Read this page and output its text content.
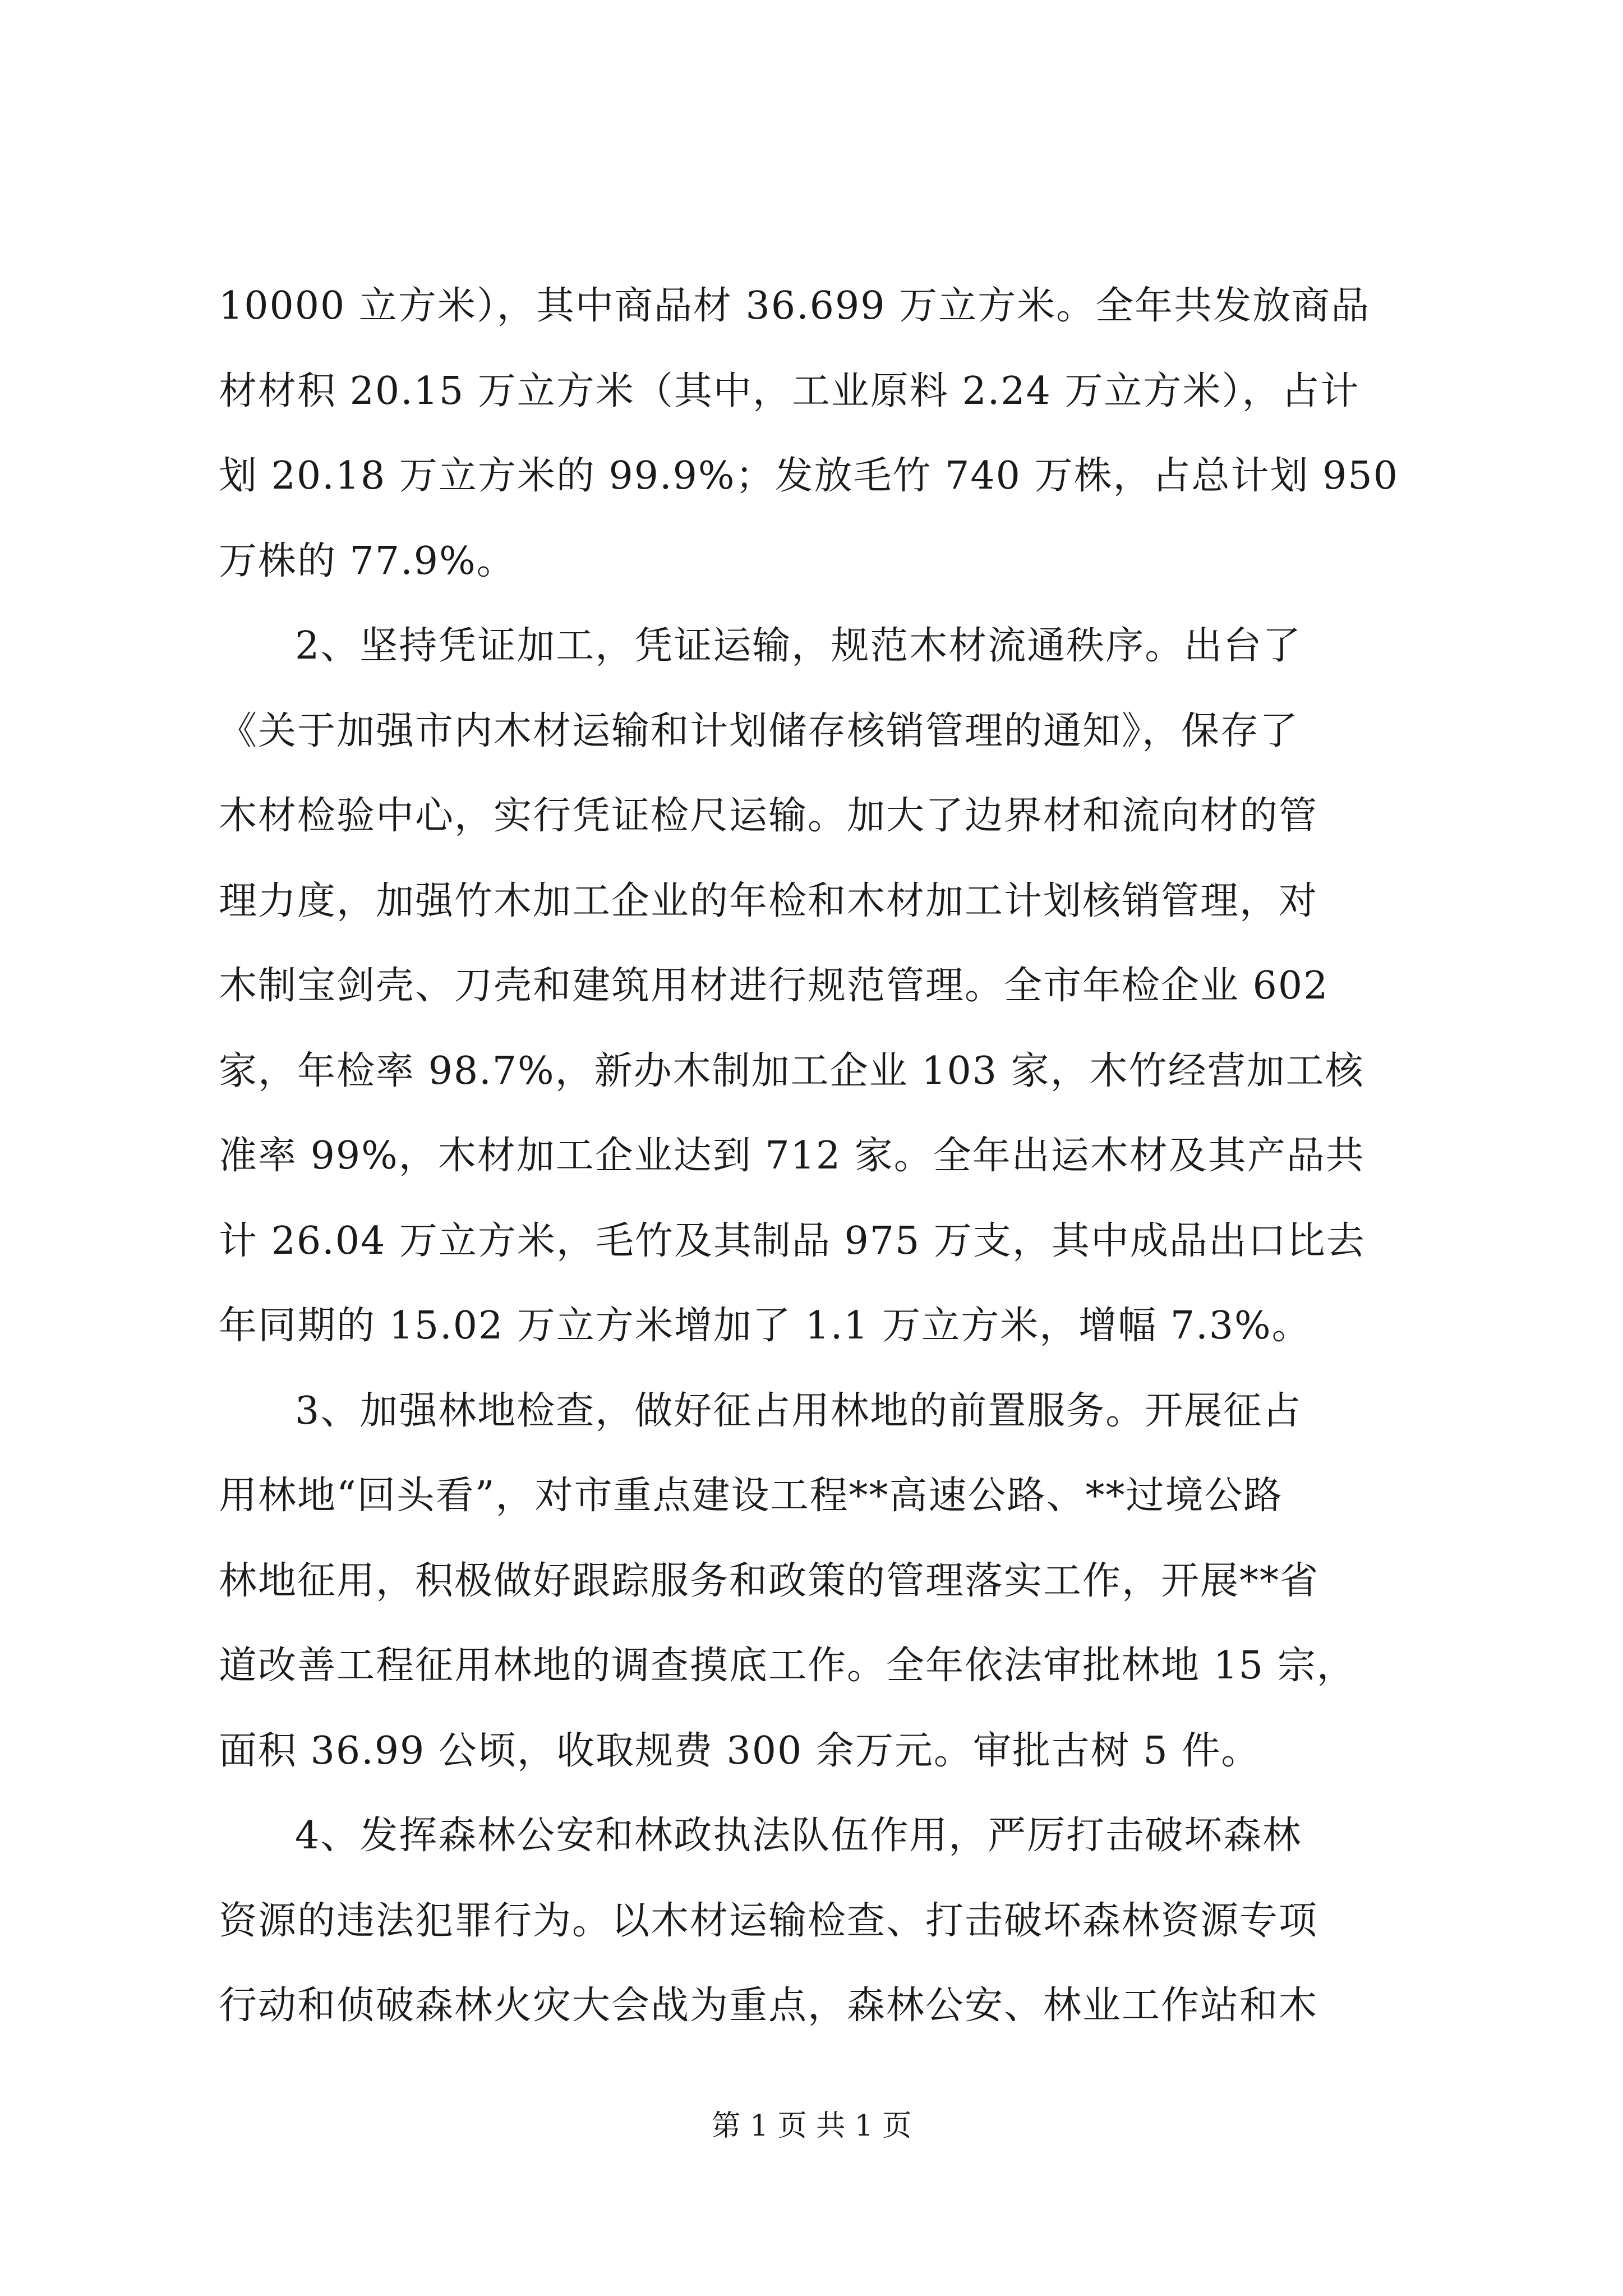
10000 立方米），其中商品材 36.699 万立方米。全年共发放商品
材材积 20.15 万立方米（其中，工业原料 2.24 万立方米），占计
划 20.18 万立方米的 99.9%；发放毛竹 740 万株，占总计划 950
万株的 77.9%。
2、坚持凭证加工，凭证运输，规范木材流通秩序。出台了
《关于加强市内木材运输和计划储存核销管理的通知》，保存了
木材检验中心，实行凭证检尺运输。加大了边界材和流向材的管
理力度，加强竹木加工企业的年检和木材加工计划核销管理，对
木制宝剑壳、刀壳和建筑用材进行规范管理。全市年检企业 602
家，年检率 98.7%，新办木制加工企业 103 家，木竹经营加工核
准率 99%，木材加工企业达到 712 家。全年出运木材及其产品共
计 26.04 万立方米，毛竹及其制品 975 万支，其中成品出口比去
年同期的 15.02 万立方米增加了 1.1 万立方米，增幅 7.3%。
3、加强林地检查，做好征占用林地的前置服务。开展征占
用林地“回头看”，对市重点建设工程**高速公路、**过境公路
林地征用，积极做好跟踪服务和政策的管理落实工作，开展**省
道改善工程征用林地的调查摸底工作。全年依法审批林地 15 宗，
面积 36.99 公顷，收取规费 300 余万元。审批古树 5 件。
4、发挥森林公安和林政执法队伍作用，严厉打击破坏森林
资源的违法犯罪行为。以木材运输检查、打击破坏森林资源专项
行动和侦破森林火灾大会战为重点，森林公安、林业工作站和木
第 1 页 共 1 页
